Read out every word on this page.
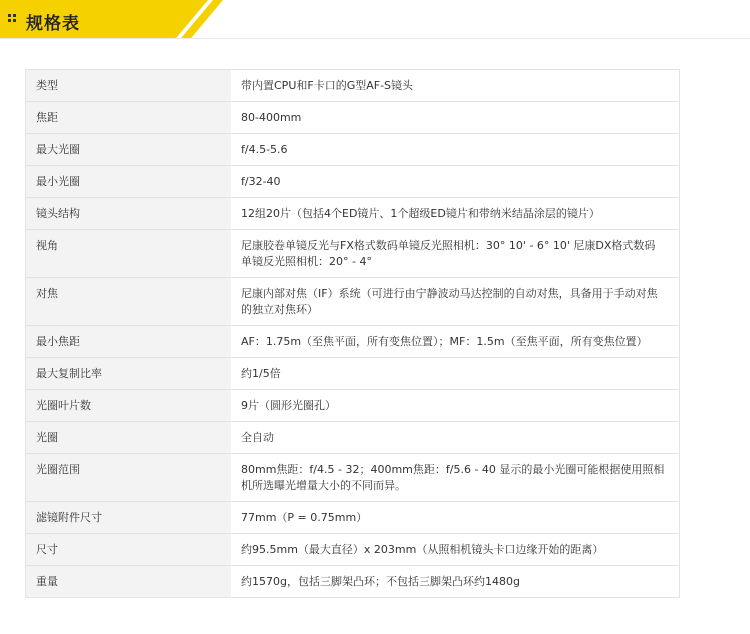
规格表
类型	带内置CPU和F卡口的G型AF-S镜头
焦距	80-400mm
最大光圈	f/4.5-5.6
最小光圈	f/32-40
镜头结构	12组20片（包括4个ED镜片、1个超级ED镜片和带纳米结晶涂层的镜片）
视角	尼康胶卷单镜反光与FX格式数码单镜反光照相机：30° 10' - 6° 10' 尼康DX格式数码单镜反光照相机：20° - 4°
对焦	尼康内部对焦（IF）系统（可进行由宁静波动马达控制的自动对焦，具备用于手动对焦的独立对焦环）
最小焦距	AF：1.75m（至焦平面，所有变焦位置）；MF：1.5m（至焦平面，所有变焦位置）
最大复制比率	约1/5倍
光圈叶片数	9片（圆形光圈孔）
光圈	全自动
光圈范围	80mm焦距：f/4.5 - 32；400mm焦距：f/5.6 - 40 显示的最小光圈可能根据使用照相机所选曝光增量大小的不同而异。
滤镜附件尺寸	77mm（P = 0.75mm）
尺寸	约95.5mm（最大直径）x 203mm（从照相机镜头卡口边缘开始的距离）
重量	约1570g，包括三脚架凸环；不包括三脚架凸环约1480g
